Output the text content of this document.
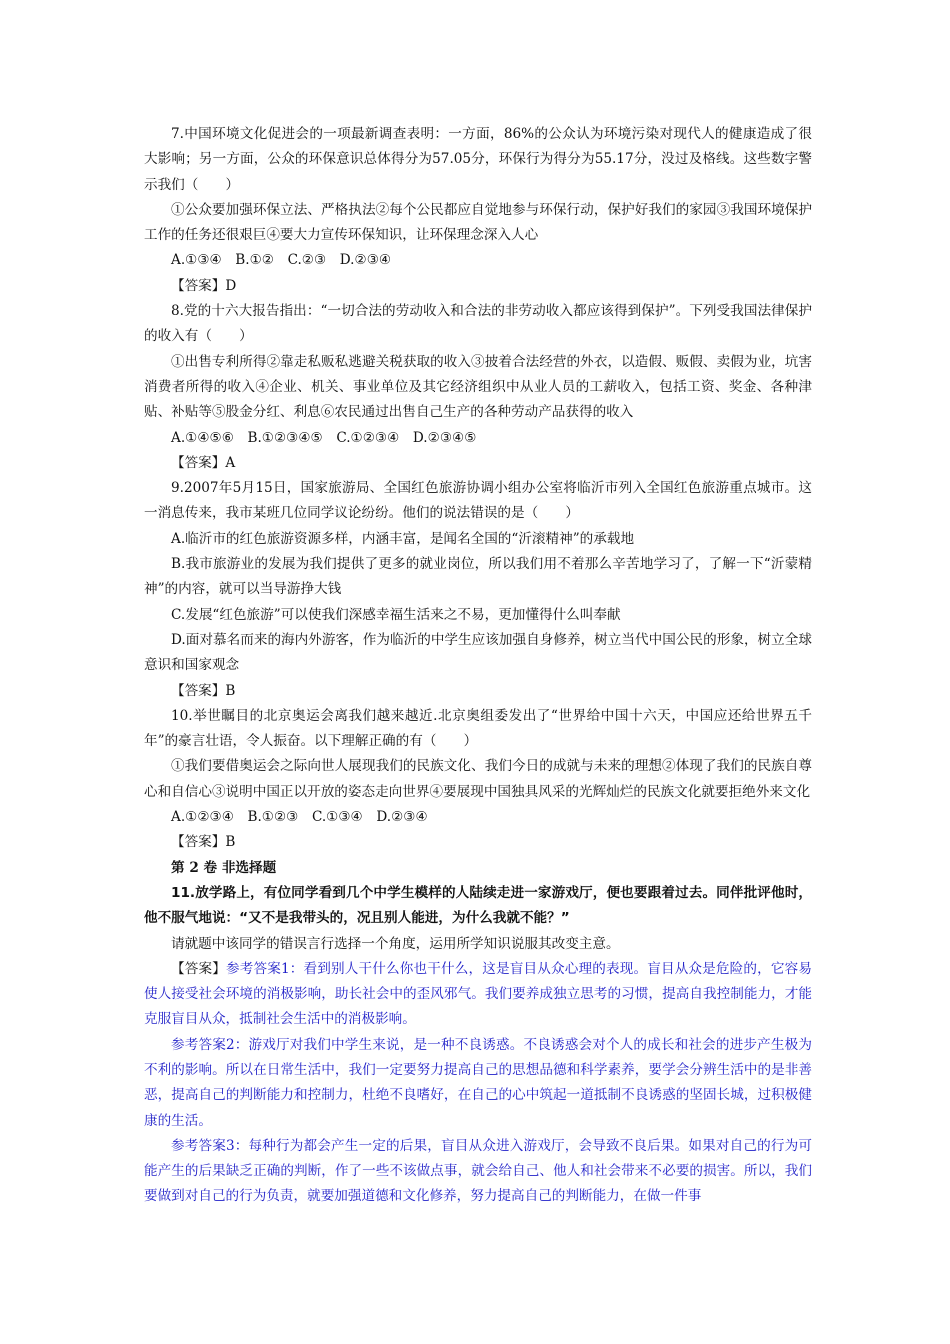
7.中国环境文化促进会的一项最新调查表明：一方面，86%的公众认为环境污染对现代人的健康造成了很大影响；另一方面，公众的环保意识总体得分为57.05分，环保行为得分为55.17分，没过及格线。这些数字警示我们（　　）

①公众要加强环保立法、严格执法②每个公民都应自觉地参与环保行动，保护好我们的家园③我国环境保护工作的任务还很艰巨④要大力宣传环保知识，让环保理念深入人心

A.①③④　B.①②　C.②③　D.②③④

【答案】D

8.党的十六大报告指出：“一切合法的劳动收入和合法的非劳动收入都应该得到保护”。下列受我国法律保护的收入有（　　）

①出售专利所得②靠走私贩私逃避关税获取的收入③披着合法经营的外衣，以造假、贩假、卖假为业，坑害消费者所得的收入④企业、机关、事业单位及其它经济组织中从业人员的工薪收入，包括工资、奖金、各种津贴、补贴等⑤股金分红、利息⑥农民通过出售自己生产的各种劳动产品获得的收入

A.①④⑤⑥　B.①②③④⑤　C.①②③④　D.②③④⑤

【答案】A

9.2007年5月15日，国家旅游局、全国红色旅游协调小组办公室将临沂市列入全国红色旅游重点城市。这一消息传来，我市某班几位同学议论纷纷。他们的说法错误的是（　　）

A.临沂市的红色旅游资源多样，内涵丰富，是闻名全国的“沂滚精神”的承载地

B.我市旅游业的发展为我们提供了更多的就业岗位，所以我们用不着那么辛苦地学习了，了解一下“沂蒙精神”的内容，就可以当导游挣大钱

C.发展“红色旅游”可以使我们深感幸福生活来之不易，更加懂得什么叫奉献

D.面对慕名而来的海内外游客，作为临沂的中学生应该加强自身修养，树立当代中国公民的形象，树立全球意识和国家观念

【答案】B

10.举世瞩目的北京奥运会离我们越来越近.北京奥组委发出了“世界给中国十六天，中国应还给世界五千年”的豪言壮语，令人振奋。以下理解正确的有（　　）

①我们要借奥运会之际向世人展现我们的民族文化、我们今日的成就与未来的理想②体现了我们的民族自尊心和自信心③说明中国正以开放的姿态走向世界④要展现中国独具风采的光辉灿烂的民族文化就要拒绝外来文化

A.①②③④　B.①②③　C.①③④　D.②③④

【答案】B

第 2 卷 非选择题

11.放学路上，有位同学看到几个中学生模样的人陆续走进一家游戏厅，便也要跟着过去。同伴批评他时，他不服气地说：“又不是我带头的，况且别人能进，为什么我就不能？”

请就题中该同学的错误言行选择一个角度，运用所学知识说服其改变主意。

【答案】参考答案1：看到别人干什么你也干什么，这是盲目从众心理的表现。盲目从众是危险的，它容易使人接受社会环境的消极影响，助长社会中的歪风邪气。我们要养成独立思考的习惯，提高自我控制能力，才能克服盲目从众，抵制社会生活中的消极影响。

参考答案2：游戏厅对我们中学生来说，是一种不良诱惑。不良诱惑会对个人的成长和社会的进步产生极为不利的影响。所以在日常生活中，我们一定要努力提高自己的思想品德和科学素养，要学会分辨生活中的是非善恶，提高自己的判断能力和控制力，杜绝不良嗜好，在自己的心中筑起一道抵制不良诱惑的坚固长城，过积极健康的生活。

参考答案3：每种行为都会产生一定的后果，盲目从众进入游戏厅，会导致不良后果。如果对自己的行为可能产生的后果缺乏正确的判断，作了一些不该做点事，就会给自己、他人和社会带来不必要的损害。所以，我们要做到对自己的行为负责，就要加强道德和文化修养，努力提高自己的判断能力，在做一件事
